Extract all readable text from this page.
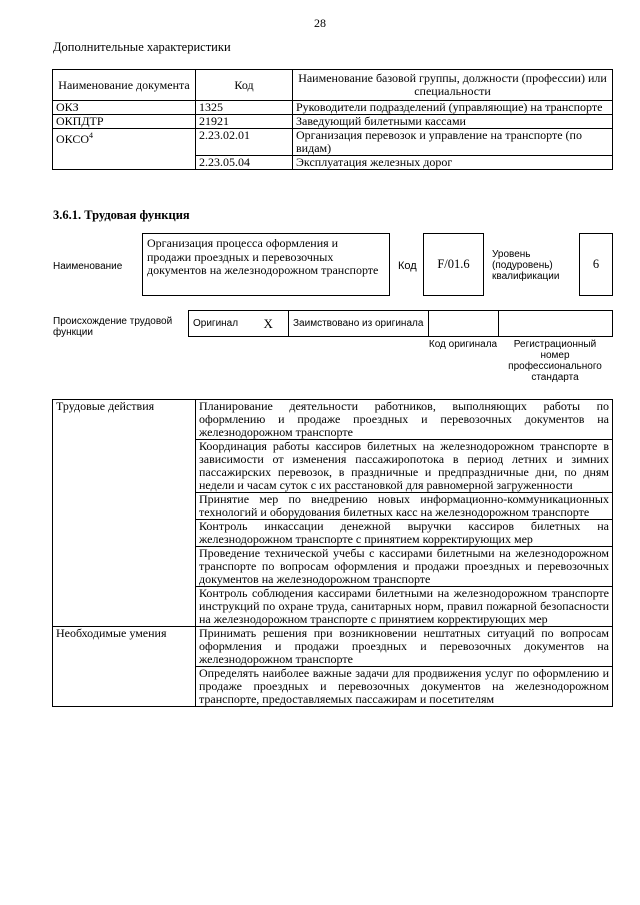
28
Дополнительные характеристики
Наименование документа	Код	Наименование базовой группы, должности (профессии) или специальности
ОКЗ	1325	Руководители подразделений (управляющие) на транспорте
ОКПДТР	21921	Заведующий билетными кассами
ОКСО$^4$	2.23.02.01	Организация перевозок и управление на транспорте (по видам)
	2.23.05.04	Эксплуатация железных дорог
3.6.1. Трудовая функция
Наименование
Организация процесса оформления и продажи проездных и перевозочных документов на железнодорожном транспорте	Код	F/01.6
Уровень (подуровень) квалификации
6
Происхождение трудовой функции
Оригинал	X	Заимствовано из оригинала		
Код оригинала	Регистрационный номер профессионального стандарта
Трудовые действия	Планирование деятельности работников, выполняющих работы по оформлению и продаже проездных и перевозочных документов на железнодорожном транспорте
	Координация работы кассиров билетных на железнодорожном транспорте в зависимости от изменения пассажиропотока в период летних и зимних пассажирских перевозок, в праздничные и предпраздничные дни, по дням недели и часам суток с их расстановкой для равномерной загруженности
	Принятие мер по внедрению новых информационно-коммуникационных технологий и оборудования билетных касс на железнодорожном транспорте
	Контроль инкассации денежной выручки кассиров билетных на железнодорожном транспорте с принятием корректирующих мер
	Проведение технической учебы с кассирами билетными на железнодорожном транспорте по вопросам оформления и продажи проездных и перевозочных документов на железнодорожном транспорте
	Контроль соблюдения кассирами билетными на железнодорожном транспорте инструкций по охране труда, санитарных норм, правил пожарной безопасности на железнодорожном транспорте с принятием корректирующих мер
Необходимые умения	Принимать решения при возникновении нештатных ситуаций по вопросам оформления и продажи проездных и перевозочных документов на железнодорожном транспорте
	Определять наиболее важные задачи для продвижения услуг по оформлению и продаже проездных и перевозочных документов на железнодорожном транспорте, предоставляемых пассажирам и посетителям
